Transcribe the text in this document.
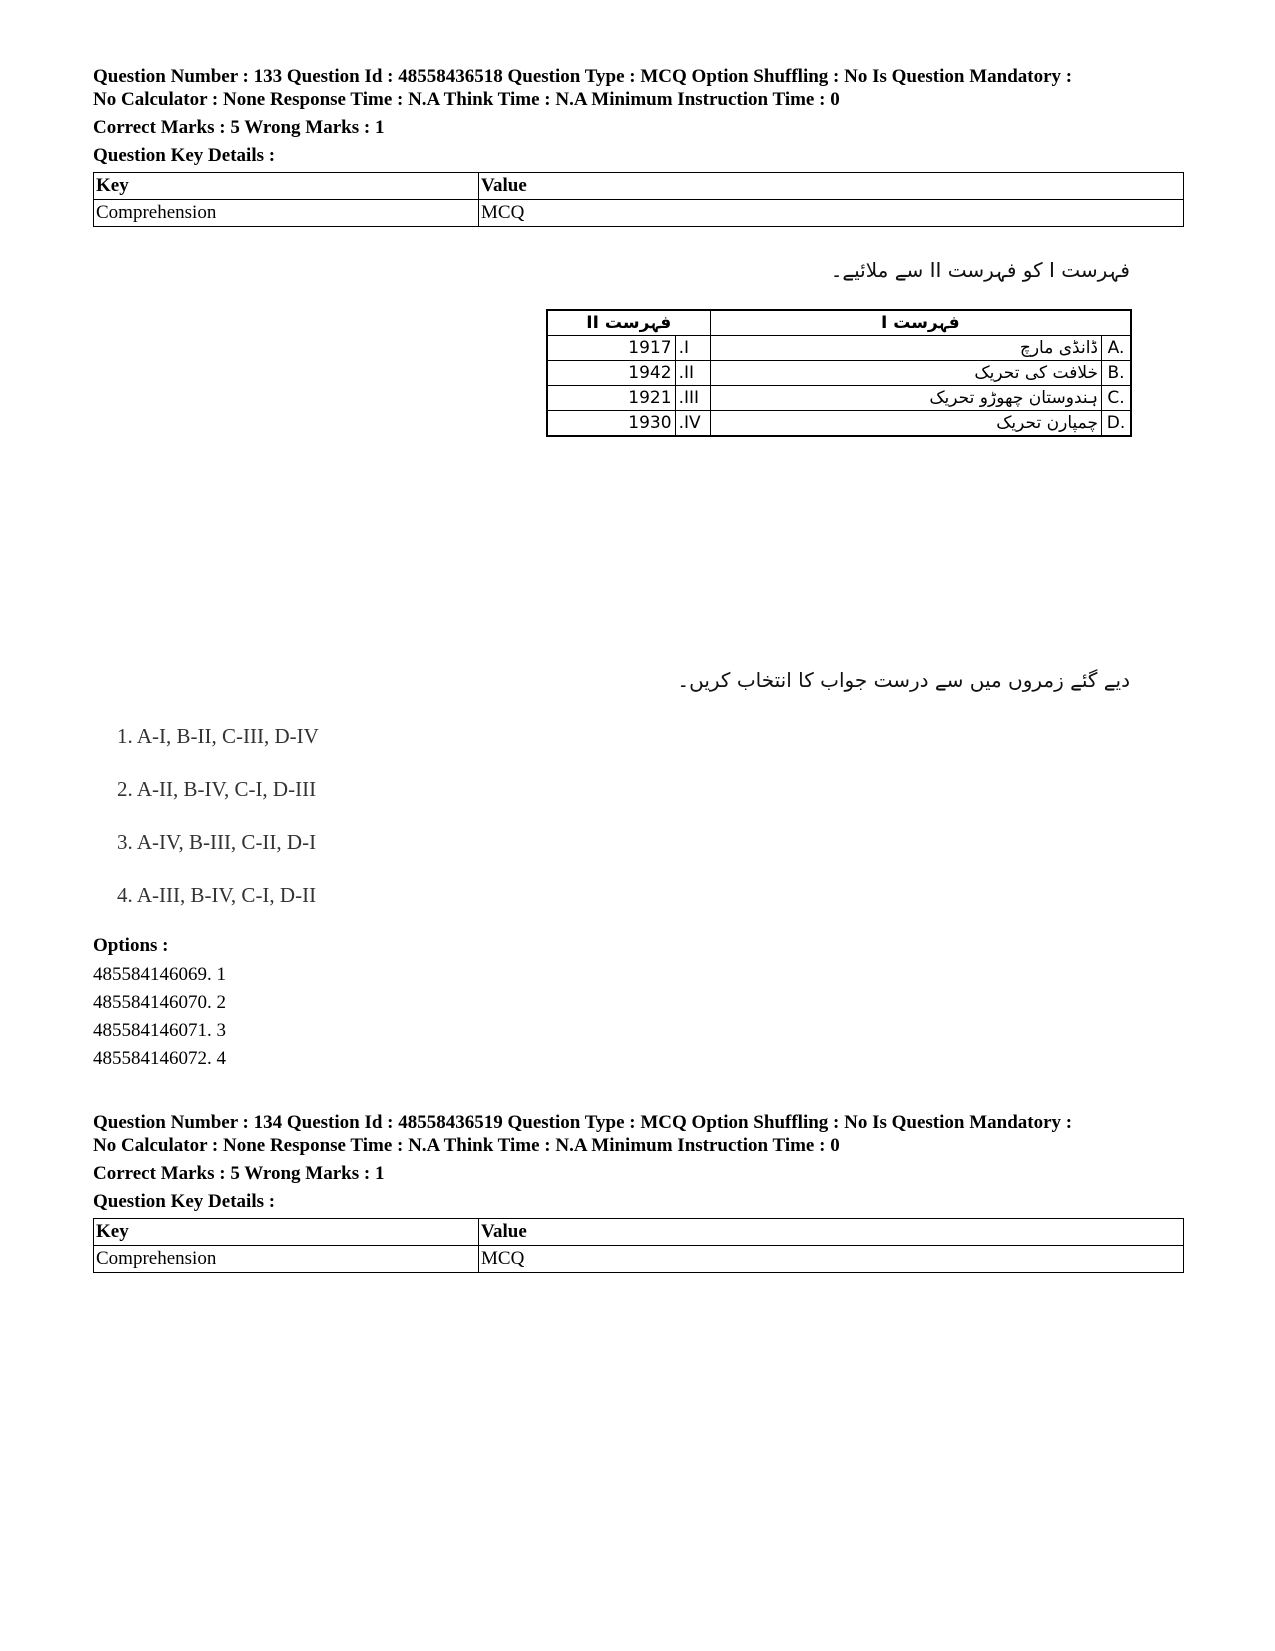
Question Number : 133 Question Id : 48558436518 Question Type : MCQ Option Shuffling : No Is Question Mandatory :
No Calculator : None Response Time : N.A Think Time : N.A Minimum Instruction Time : 0
Correct Marks : 5 Wrong Marks : 1
Question Key Details :
Key	Value
Comprehension	MCQ
فہرست I کو فہرست II سے ملائیے۔
فہرست II		فہرست I	
1917	.I	ڈانڈی مارچ	A.
1942	.II	خلافت کی تحریک	B.
1921	.III	ہندوستان چھوڑو تحریک	C.
1930	.IV	چمپارن تحریک	D.
دیے گئے زمروں میں سے درست جواب کا انتخاب کریں۔
1. A-I, B-II, C-III, D-IV
2. A-II, B-IV, C-I, D-III
3. A-IV, B-III, C-II, D-I
4. A-III, B-IV, C-I, D-II
Options :
485584146069. 1
485584146070. 2
485584146071. 3
485584146072. 4
Question Number : 134 Question Id : 48558436519 Question Type : MCQ Option Shuffling : No Is Question Mandatory :
No Calculator : None Response Time : N.A Think Time : N.A Minimum Instruction Time : 0
Correct Marks : 5 Wrong Marks : 1
Question Key Details :
Key	Value
Comprehension	MCQ
